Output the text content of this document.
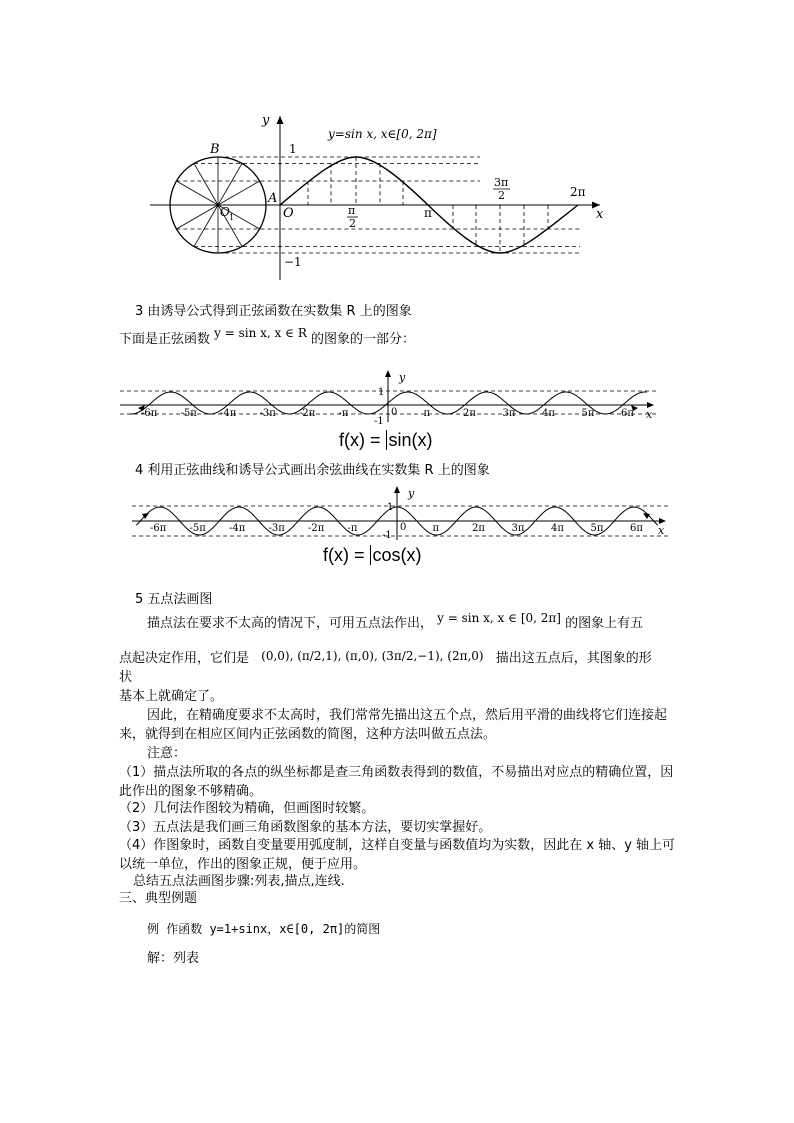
y
x
y=sin x, x∈[0, 2π]
B
A
O
O 1
1
−1
π
2
π
3π
2	2π
3 由诱导公式得到正弦函数在实数集 R 上的图象
下面是正弦函数 y = sin x, x ∈ R 的图象的一部分：
y
x
1
-1
0
-6π -5π -4π -3π -2π -π	π	2π	3π	4π	5π	6π
f(x) = sin(x)
4 利用正弦曲线和诱导公式画出余弦曲线在实数集 R 上的图象
y
x
1
-1
0
-6π -5π -4π -3π -2π -π	π	2π	3π	4π	5π	6π
f(x) = cos(x)
5 五点法画图
描点法在要求不太高的情况下，可用五点法作出， y = sin x, x ∈ [0, 2π] 的图象上有五
点起决定作用，它们是 (0,0), (π/2,1), (π,0), (3π/2,−1), (2π,0) 描出这五点后，其图象的形
状
基本上就确定了。
因此，在精确度要求不太高时，我们常常先描出这五个点，然后用平滑的曲线将它们连接起来，就得到在相应区间内正弦函数的简图，这种方法叫做五点法。
注意：
（1）描点法所取的各点的纵坐标都是查三角函数表得到的数值，不易描出对应点的精确位置，因此作出的图象不够精确。
（2）几何法作图较为精确，但画图时较繁。
（3）五点法是我们画三角函数图象的基本方法，要切实掌握好。
（4）作图象时，函数自变量要用弧度制，这样自变量与函数值均为实数，因此在 x 轴、y 轴上可以统一单位，作出的图象正规，便于应用。
总结五点法画图步骤:列表,描点,连线.
三、典型例题
例 作函数 y=1+sinx，x∈[0, 2π]的简图
解：列表
